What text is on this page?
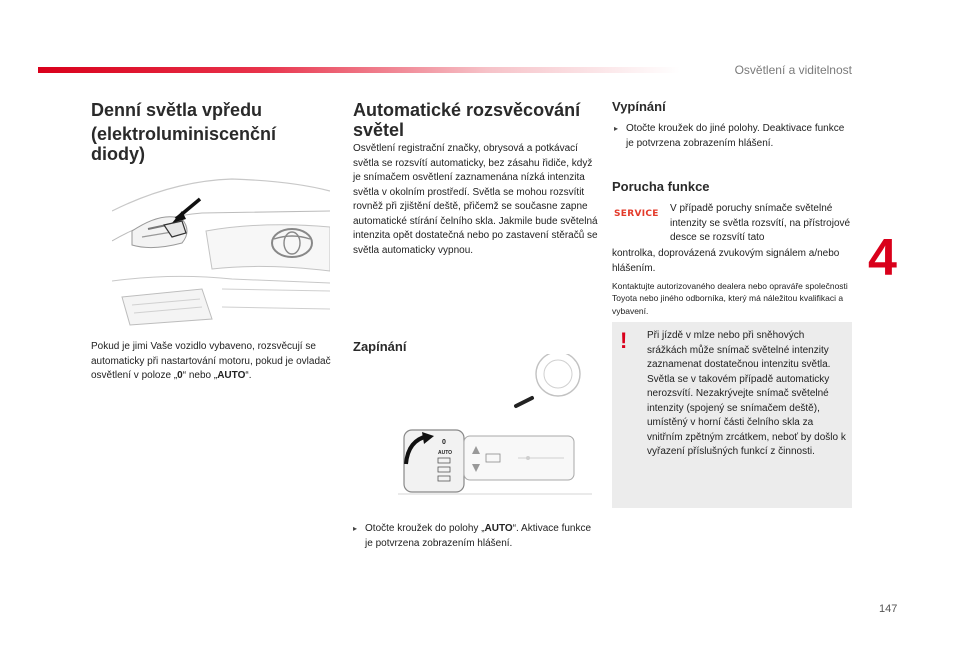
Osvětlení a viditelnost
4
147
Denní světla vpředu
(elektroluminiscenční diody)

Pokud je jimi Vaše vozidlo vybaveno, rozsvěcují se automaticky při nastartování motoru, pokud je ovladač osvětlení v poloze „0“ nebo „AUTO“.

Automatické rozsvěcování světel

Osvětlení registrační značky, obrysová a potkávací světla se rozsvítí automaticky, bez zásahu řidiče, když je snímačem osvětlení zaznamenána nízká intenzita světla v okolním prostředí. Světla se mohou rozsvítit rovněž při zjištění deště, přičemž se současne zapne automatické stírání čelního skla. Jakmile bude světelná intenzita opět dostatečná nebo po zastavení stěračů se světla automaticky vypnou.

Zapínání
0
AUTO
▸ Otočte kroužek do polohy „AUTO“. Aktivace funkce je potvrzena zobrazením hlášení.

Vypínání
▸ Otočte kroužek do jiné polohy. Deaktivace funkce je potvrzena zobrazením hlášení.

Porucha funkce
SERVICE V případě poruchy snímače světelné intenzity se světla rozsvítí, na přístrojové desce se rozsvítí tato

kontrolka, doprovázená zvukovým signálem a/nebo hlášením.

Kontaktujte autorizovaného dealera nebo opraváře společnosti Toyota nebo jiného odborníka, který má náležitou kvalifikaci a vybavení.

! Při jízdě v mlze nebo při sněhových srážkách může snímač světelné intenzity zaznamenat dostatečnou intenzitu světla. Světla se v takovém případě automaticky nerozsvítí. Nezakrývejte snímač světelné intenzity (spojený se snímačem deště), umístěný v horní části čelního skla za vnitřním zpětným zrcátkem, neboť by došlo k vyřazení příslušných funkcí z činnosti.
